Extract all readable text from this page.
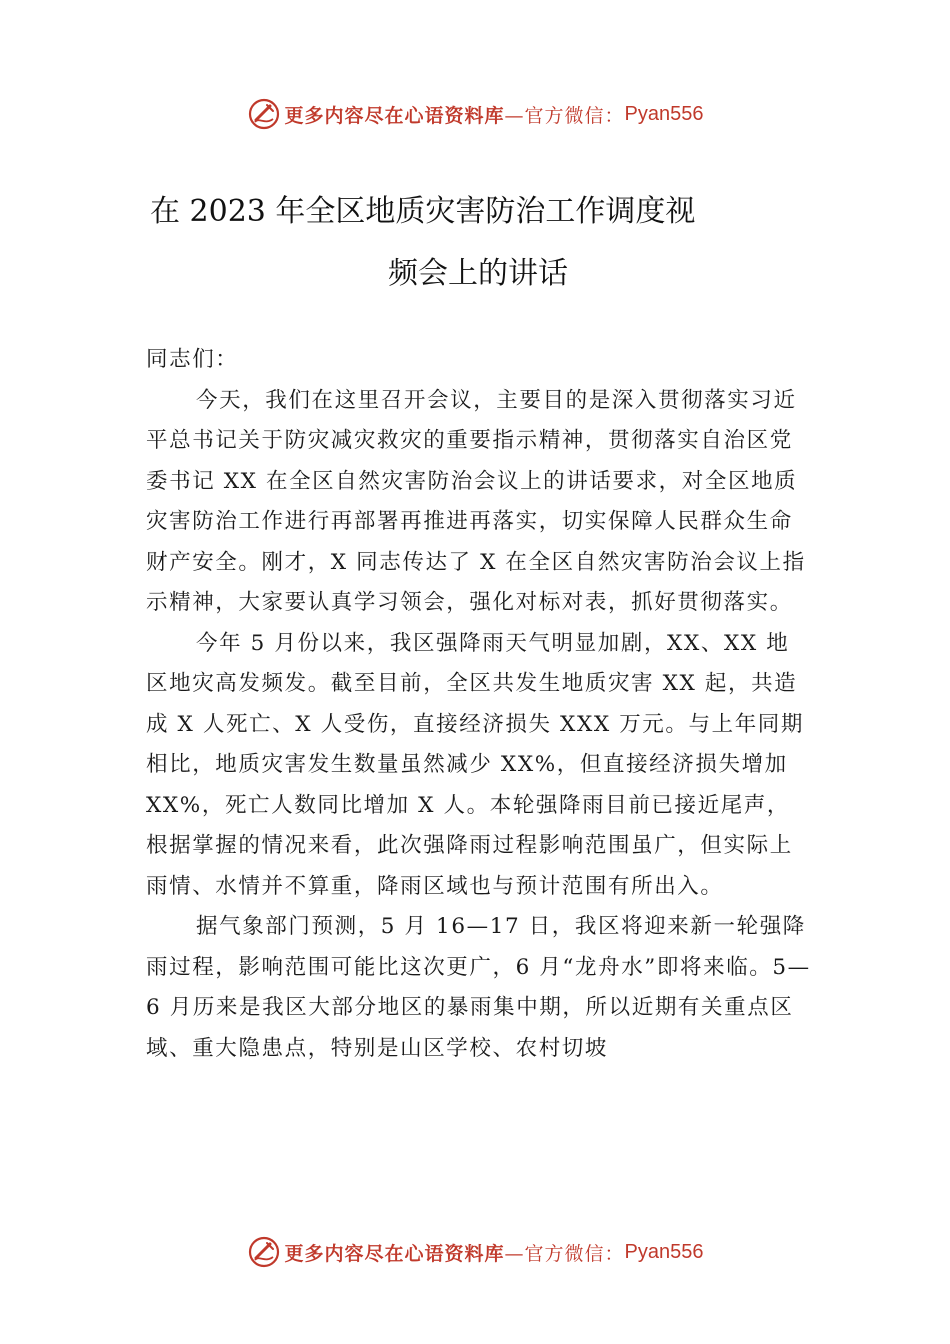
更多内容尽在心语资料库 —官方微信： Pyan556
在 2023 年全区地质灾害防治工作调度视
频会上的讲话

同志们：

今天，我们在这里召开会议，主要目的是深入贯彻落实习近平总书记关于防灾减灾救灾的重要指示精神，贯彻落实自治区党委书记 XX 在全区自然灾害防治会议上的讲话要求，对全区地质灾害防治工作进行再部署再推进再落实，切实保障人民群众生命财产安全。刚才，X 同志传达了 X 在全区自然灾害防治会议上指示精神，大家要认真学习领会，强化对标对表，抓好贯彻落实。

今年 5 月份以来，我区强降雨天气明显加剧，XX、XX 地区地灾高发频发。截至目前，全区共发生地质灾害 XX 起，共造成 X 人死亡、X 人受伤，直接经济损失 XXX 万元。与上年同期相比，地质灾害发生数量虽然减少 XX%，但直接经济损失增加 XX%，死亡人数同比增加 X 人。本轮强降雨目前已接近尾声，根据掌握的情况来看，此次强降雨过程影响范围虽广，但实际上雨情、水情并不算重，降雨区域也与预计范围有所出入。

据气象部门预测，5 月 16—17 日，我区将迎来新一轮强降雨过程，影响范围可能比这次更广，6 月“龙舟水”即将来临。5—6 月历来是我区大部分地区的暴雨集中期，所以近期有关重点区域、重大隐患点，特别是山区学校、农村切坡

更多内容尽在心语资料库 —官方微信： Pyan556
